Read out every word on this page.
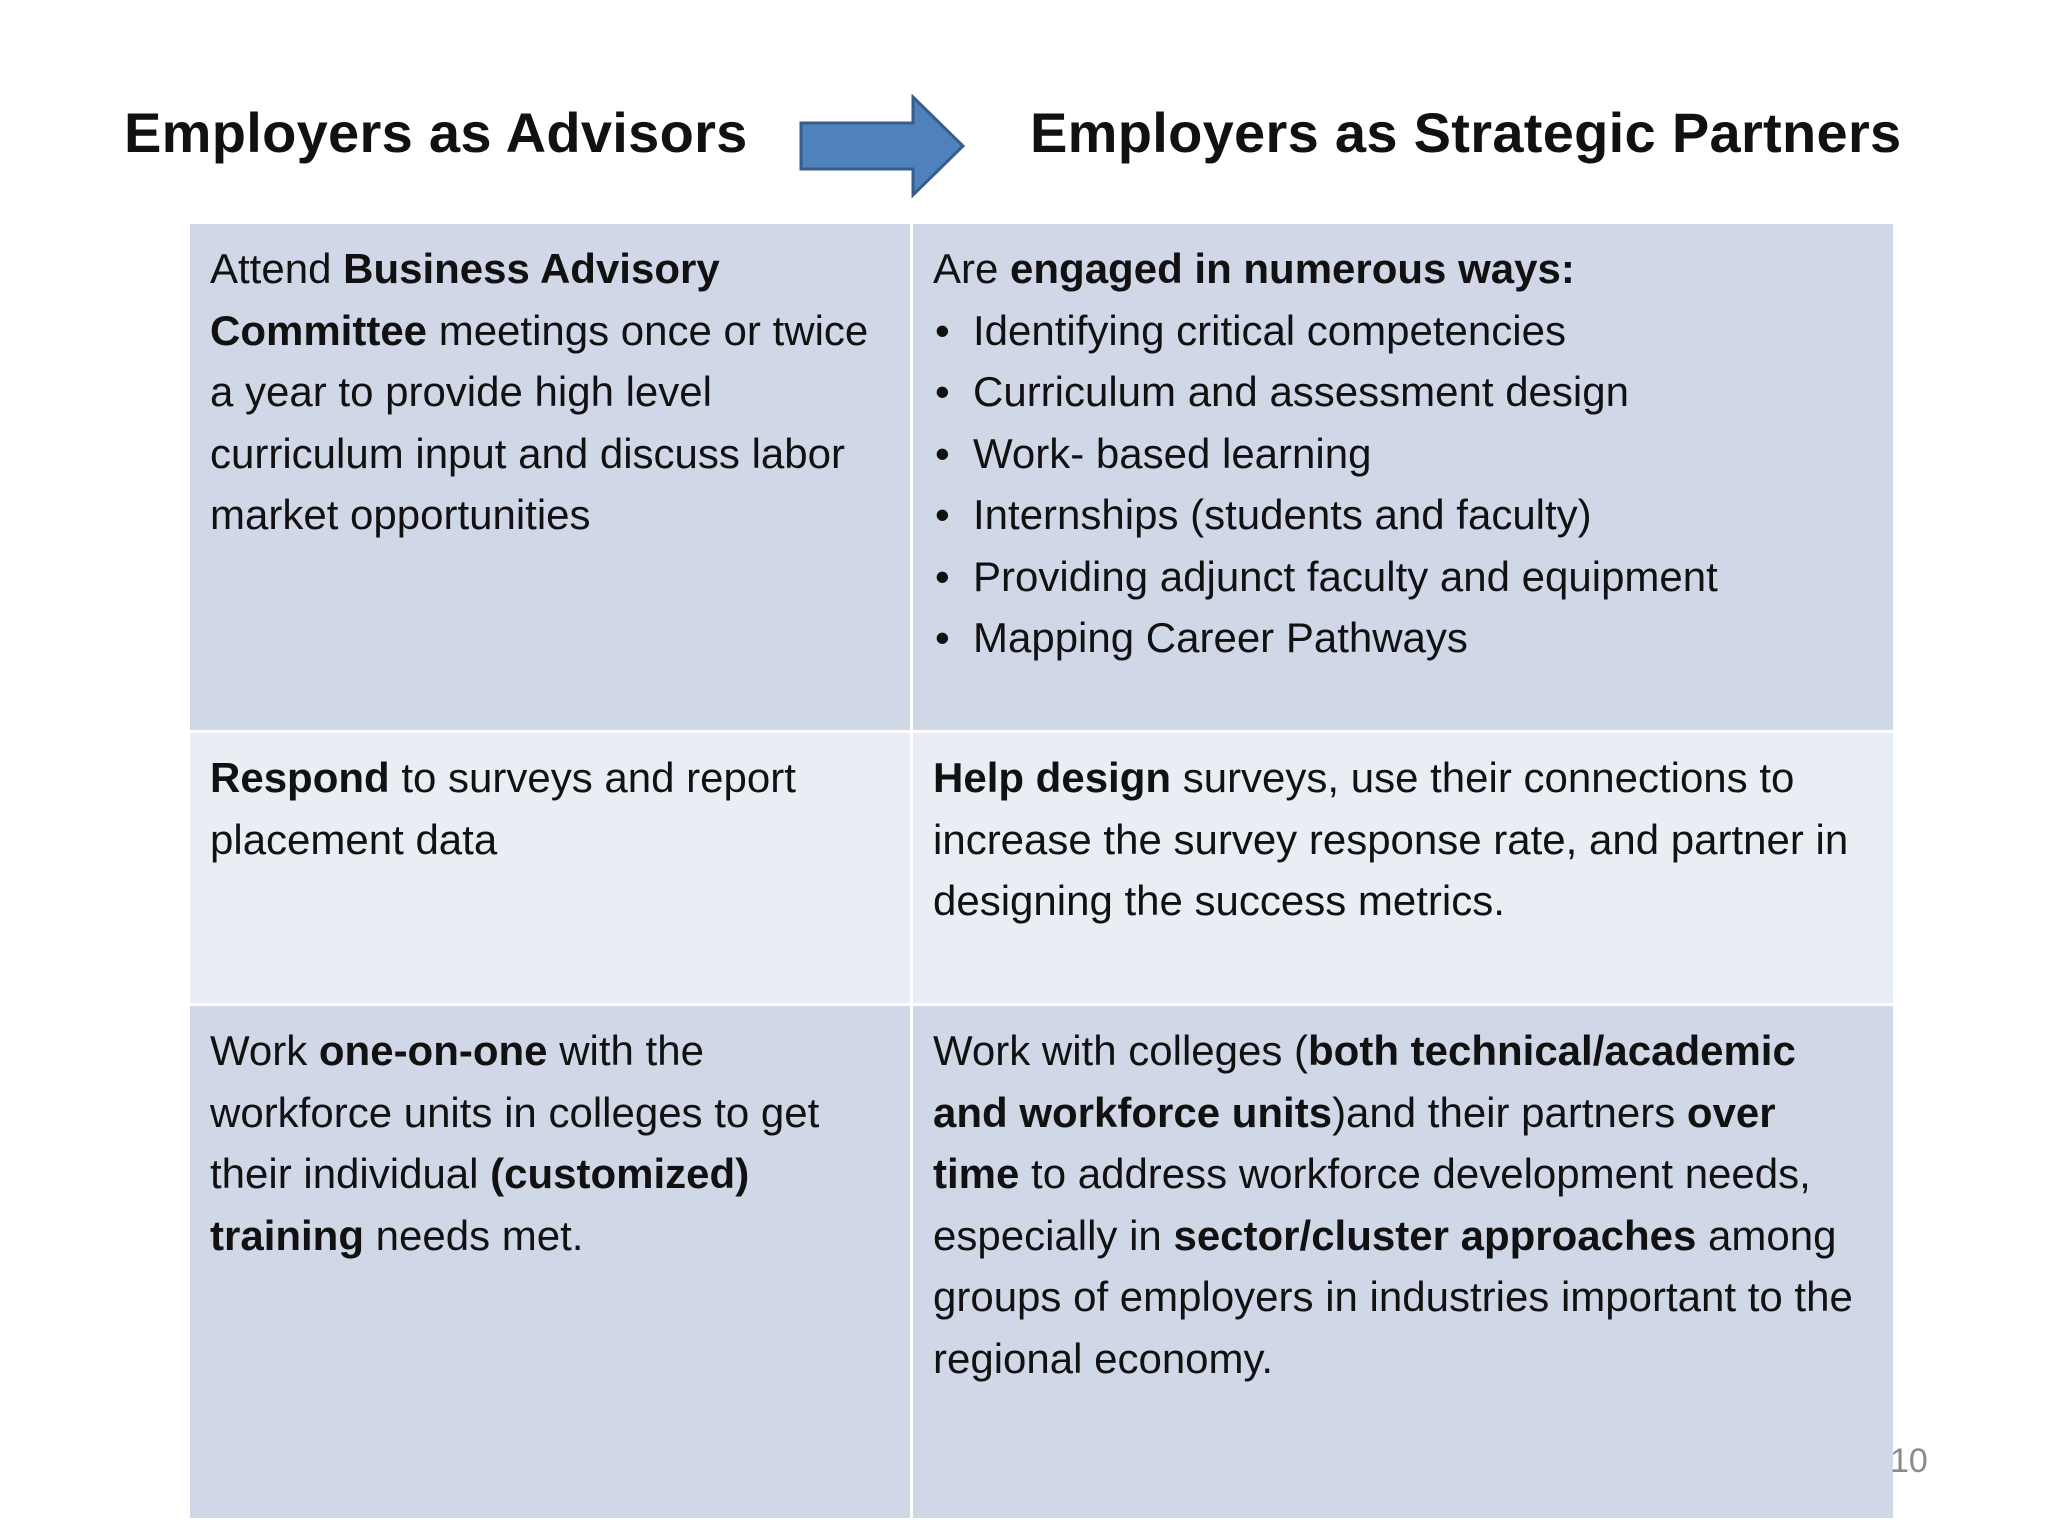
Employers as Advisors	Employers as Strategic Partners
Attend Business Advisory Committee meetings once or twice a year to provide high level curriculum input and discuss labor market opportunities
Are engaged in numerous ways:
• Identifying critical competencies
• Curriculum and assessment design
• Work- based learning
• Internships (students and faculty)
• Providing adjunct faculty and equipment
• Mapping Career Pathways
Respond to surveys and report placement data
Help design surveys, use their connections to increase the survey response rate, and partner in designing the success metrics.
Work one-on-one with the workforce units in colleges to get their individual (customized) training needs met.
Work with colleges (both technical/academic and workforce units)and their partners over time to address workforce development needs, especially in sector/cluster approaches among groups of employers in industries important to the regional economy.
10
